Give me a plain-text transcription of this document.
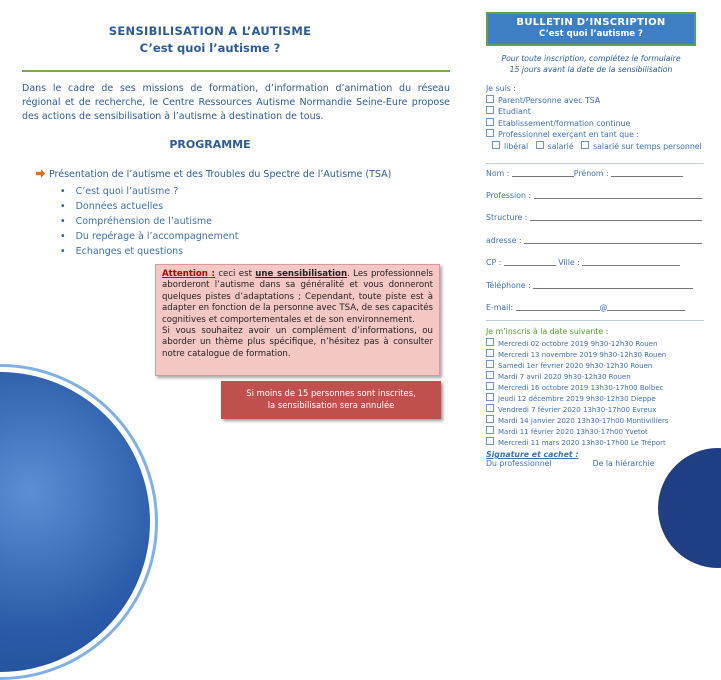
SENSIBILISATION A L’AUTISME
C’est quoi l’autisme ?
Dans le cadre de ses missions de formation, d’information d’animation du réseau régional et de recherche, le Centre Ressources Autisme Normandie Seine-Eure propose des actions de sensibilisation à l’autisme à destination de tous.
PROGRAMME
Présentation de l’autisme et des Troubles du Spectre de l’Autisme (TSA)
• C’est quoi l’autisme ?
• Données actuelles
• Compréhension de l’autisme
• Du repérage à l’accompagnement
• Echanges et questions
Attention : ceci est une sensibilisation. Les professionnels aborderont l’autisme dans sa généralité et vous donneront quelques pistes d’adaptations ; Cependant, toute piste est à adapter en fonction de la personne avec TSA, de ses capacités cognitives et comportementales et de son environnement.
Si vous souhaitez avoir un complément d’informations, ou aborder un thème plus spécifique, n’hésitez pas à consulter notre catalogue de formation.
Si moins de 15 personnes sont inscrites,
la sensibilisation sera annulée
BULLETIN D’INSCRIPTION
C’est quoi l’autisme ?
Pour toute inscription, complétez le formulaire
15 jours avant la date de la sensibilisation
Je suis :
Parent/Personne avec TSA
Etudiant
Etablissement/formation continue
Professionnel exerçant en tant que :
libéral salarié salarié sur temps personnel
Nom :	Prénom :
Profession :
Structure :
adresse :
CP :	Ville :
Téléphone :
E-mail:	@
Je m’inscris à la date suivante :
Mercredi 02 octobre 2019 9h30-12h30 Rouen
Mercredi 13 novembre 2019 9h30-12h30 Rouen
Samedi 1er février 2020 9h30-12h30 Rouen
Mardi 7 avril 2020 9h30-12h30 Rouen
Mercredi 16 octobre 2019 13h30-17h00 Bolbec
Jeudi 12 décembre 2019 9h30-12h30 Dieppe
Vendredi 7 février 2020 13h30-17h00 Evreux
Mardi 14 janvier 2020 13h30-17h00 Montivilliers
Mardi 11 février 2020 13h30-17h00 Yvetot
Mercredi 11 mars 2020 13h30-17h00 Le Tréport
Signature et cachet :
Du professionnel	De la hiérarchie
